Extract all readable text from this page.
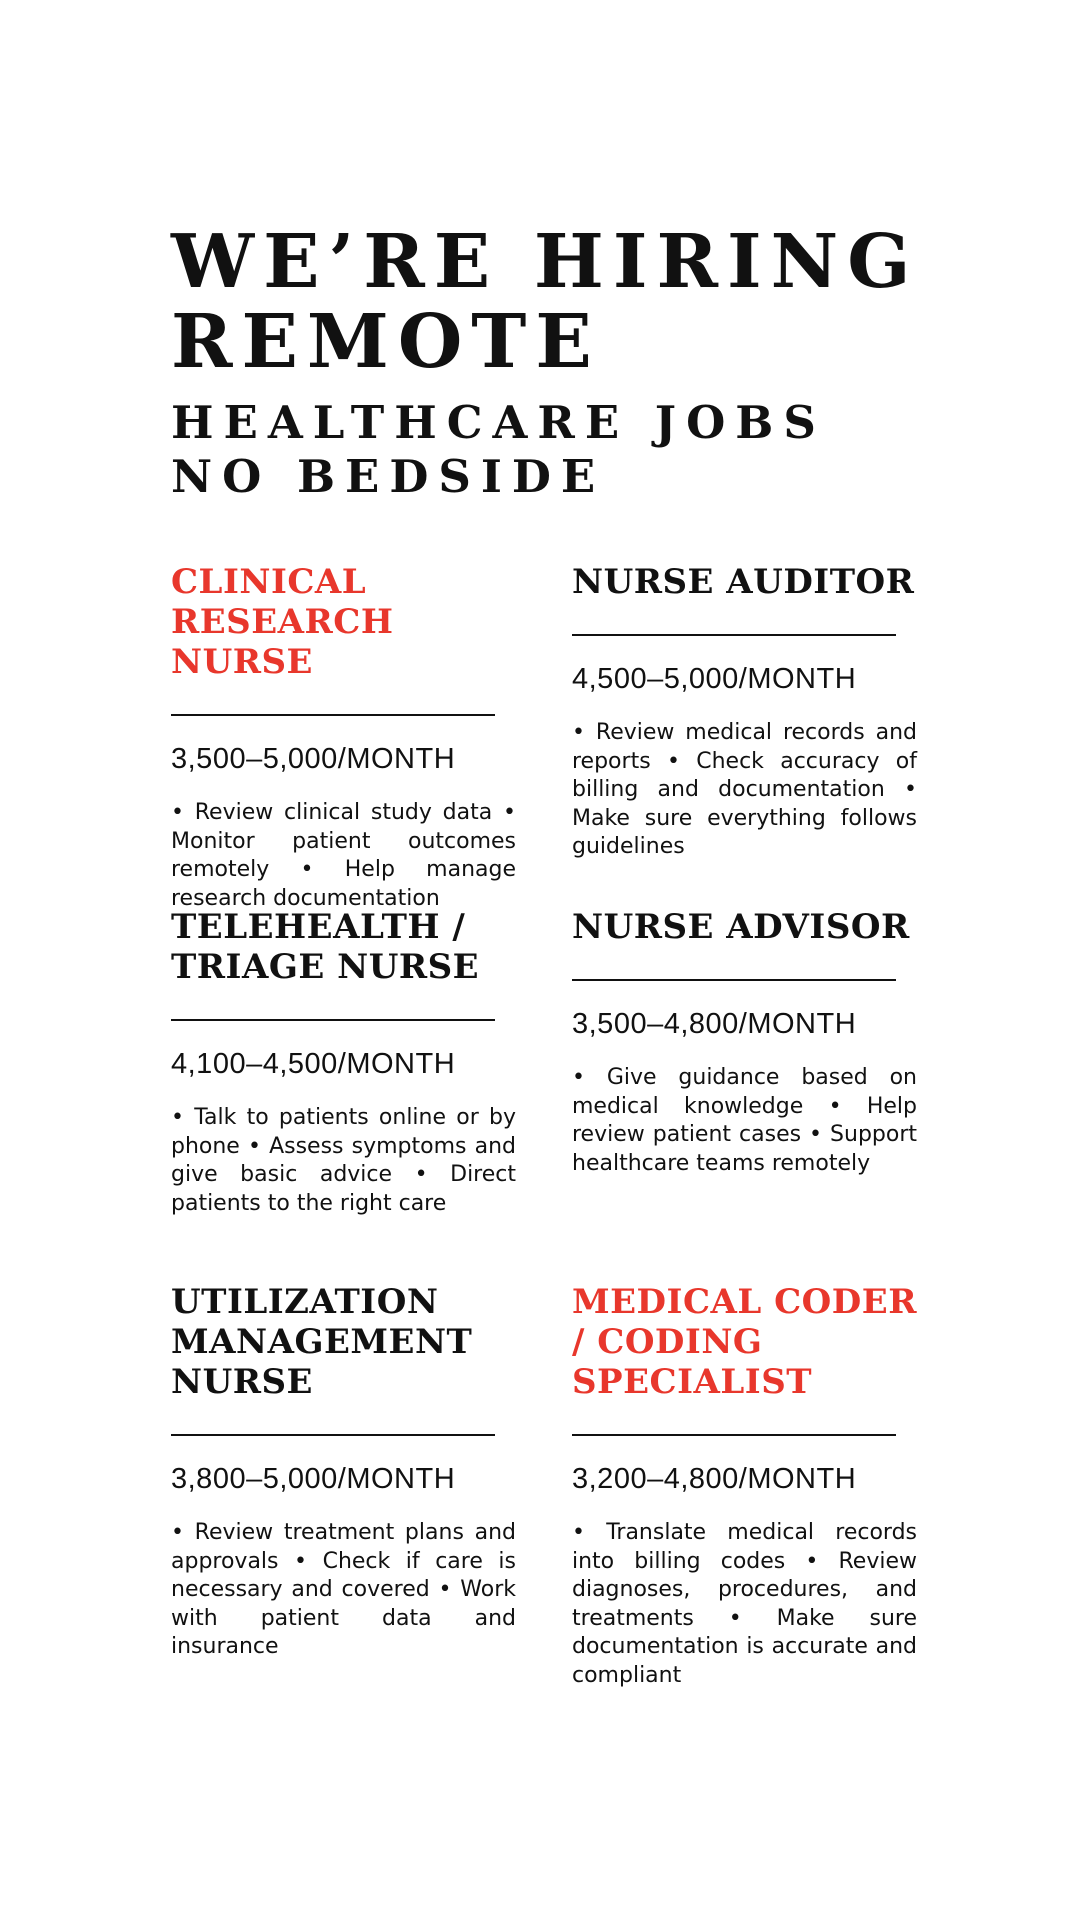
WE’RE HIRING
REMOTE
HEALTHCARE JOBS
NO BEDSIDE
CLINICAL RESEARCH NURSE
3,500–5,000/MONTH
• Review clinical study data • Monitor patient outcomes remotely • Help manage research documentation
NURSE AUDITOR
4,500–5,000/MONTH
• Review medical records and reports • Check accuracy of billing and documentation • Make sure everything follows guidelines
TELEHEALTH / TRIAGE NURSE
4,100–4,500/MONTH
• Talk to patients online or by phone • Assess symptoms and give basic advice • Direct patients to the right care
NURSE ADVISOR
3,500–4,800/MONTH
• Give guidance based on medical knowledge • Help review patient cases • Support healthcare teams remotely
UTILIZATION MANAGEMENT NURSE
3,800–5,000/MONTH
• Review treatment plans and approvals • Check if care is necessary and covered • Work with patient data and insurance
MEDICAL CODER / CODING SPECIALIST
3,200–4,800/MONTH
• Translate medical records into billing codes • Review diagnoses, procedures, and treatments • Make sure documentation is accurate and compliant
